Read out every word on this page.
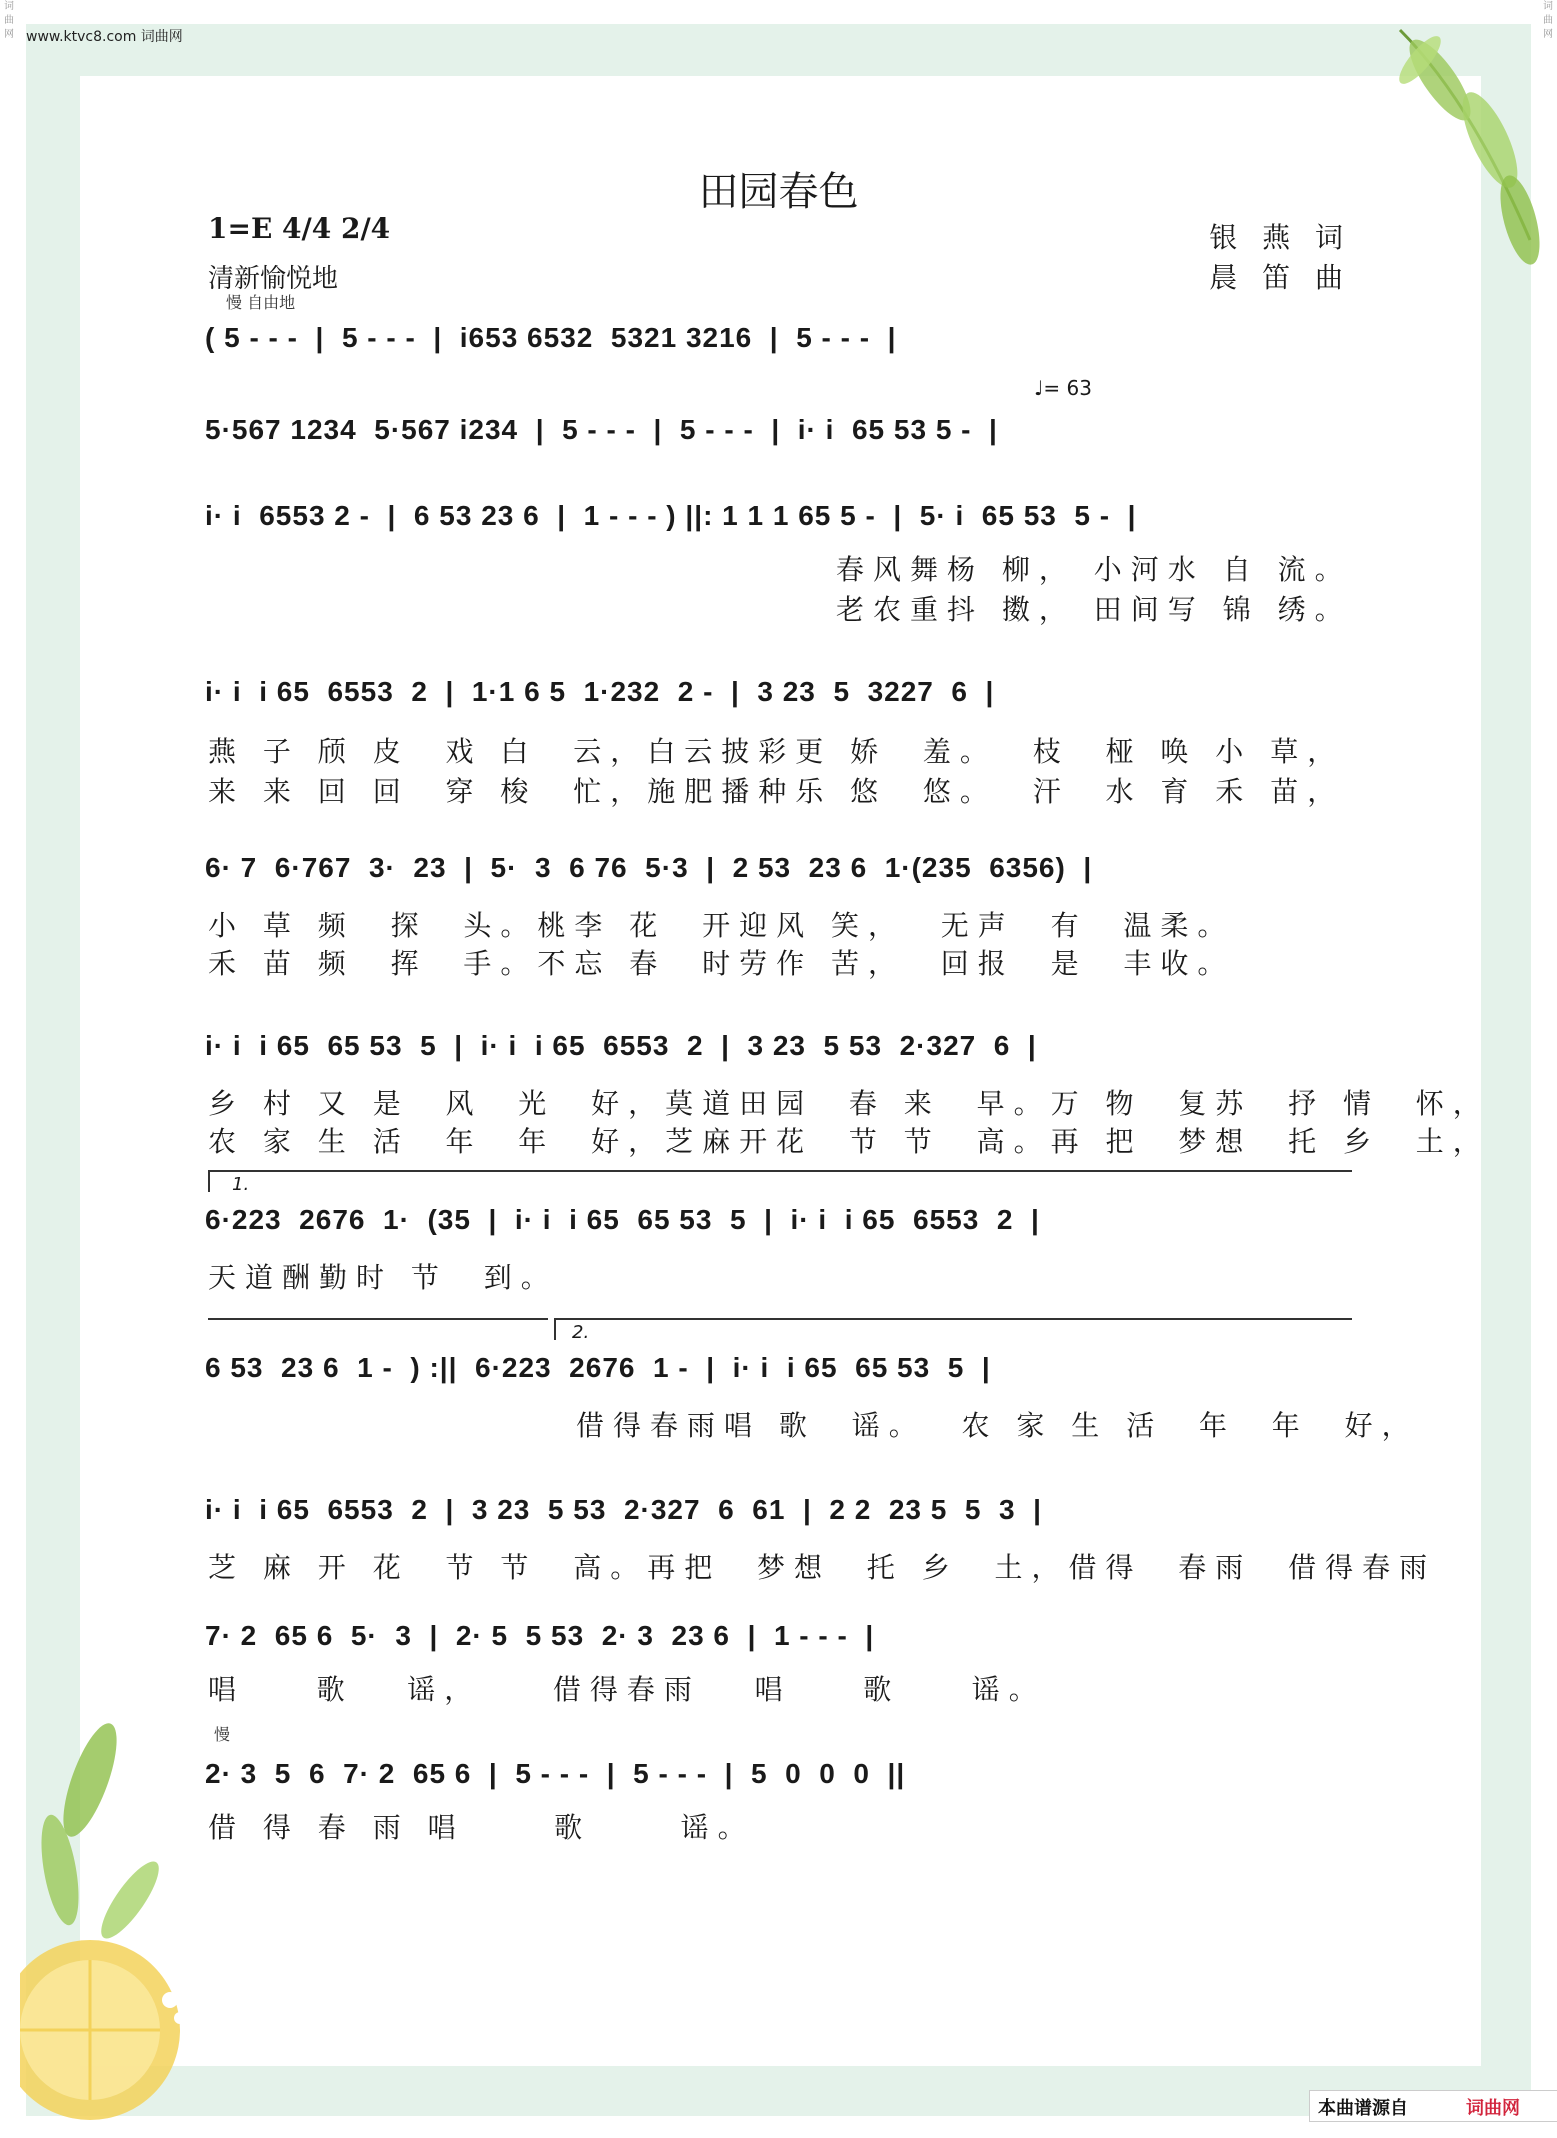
词曲网
词曲网
www.ktvc8.com 词曲网
田园春色
1=E 4/4 2/4
清新愉悦地
银 燕 词
晨 笛 曲
慢 自由地
♩= 63
( 5 - - -  |  5 - - -  |  i653 6532  5321 3216  |  5 - - -  |
5·567 1234  5·567 i234  |  5 - - -  |  5 - - -  |  i· i  65 53 5 -  |
i· i  6553 2 -  |  6 53 23 6  |  1 - - - ) ||: 1 1 1 65 5 -  |  5· i  65 53  5 -  |
春风舞杨 柳， 小河水 自 流。
老农重抖 擞， 田间写 锦 绣。
i· i  i 65  6553  2  |  1·1 6 5  1·232  2 -  |  3 23  5  3227  6  |
燕 子 颀 皮  戏 白  云，白云披彩更 娇  羞。  枝  桠 唤 小 草，
来 来 回 回  穿 梭  忙，施肥播种乐 悠  悠。  汗  水 育 禾 苗，
6· 7  6·767  3·  23  |  5·  3  6 76  5·3  |  2 53  23 6  1·(235  6356)  |
小 草 频  探  头。桃李 花  开迎风 笑，  无声  有  温柔。
禾 苗 频  挥  手。不忘 春  时劳作 苦，  回报  是  丰收。
i· i  i 65  65 53  5  |  i· i  i 65  6553  2  |  3 23  5 53  2·327  6  |
乡 村 又 是  风  光  好，莫道田园  春 来  早。万 物  复苏  抒 情  怀，
农 家 生 活  年  年  好，芝麻开花  节 节  高。再 把  梦想  托 乡  土，
1.
6·223  2676  1·  (35  |  i· i  i 65  65 53  5  |  i· i  i 65  6553  2  |
天道酬勤时 节  到。
2.
6 53  23 6  1 -  ) :||  6·223  2676  1 -  |  i· i  i 65  65 53  5  |
借得春雨唱 歌  谣。  农 家 生 活  年  年  好，
i· i  i 65  6553  2  |  3 23  5 53  2·327  6  61  |  2 2  23 5  5  3  |
芝 麻 开 花  节 节  高。再把  梦想  托 乡  土，借得  春雨  借得春雨
7· 2  65 6  5·  3  |  2· 5  5 53  2· 3  23 6  |  1 - - -  |
唱    歌   谣，    借得春雨   唱    歌    谣。
慢
2· 3  5  6  7· 2  65 6  |  5 - - -  |  5 - - -  |  5  0  0  0  ||
借 得 春 雨 唱     歌     谣。
本曲谱源自	词曲网
